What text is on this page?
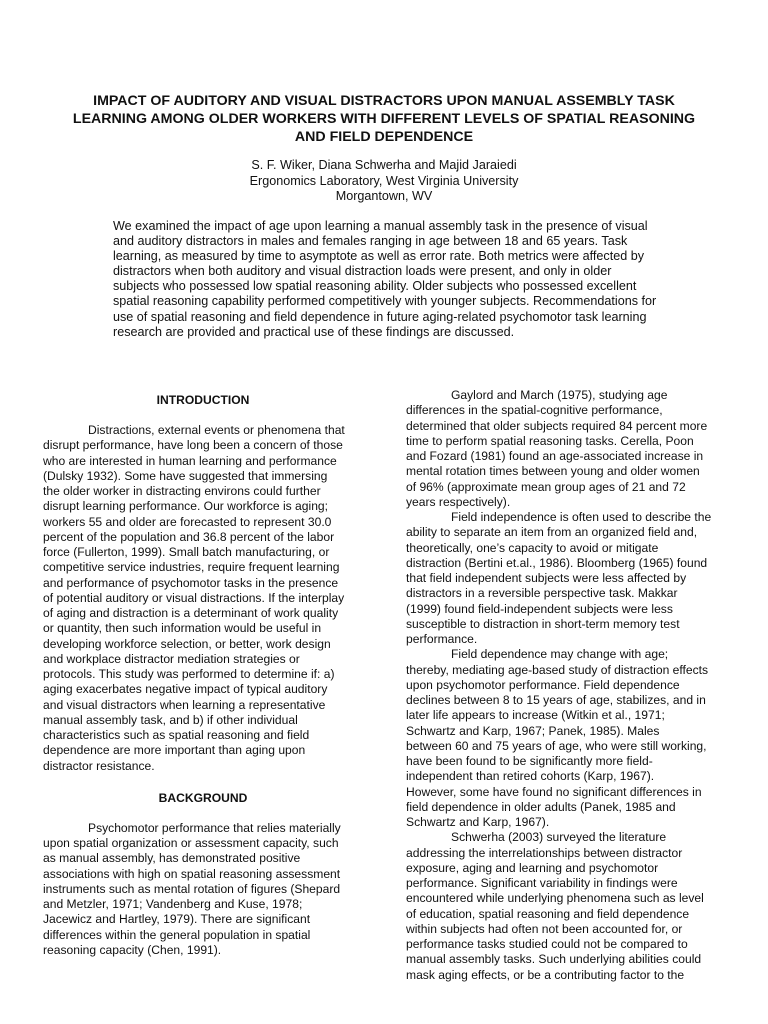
IMPACT OF AUDITORY AND VISUAL DISTRACTORS UPON MANUAL ASSEMBLY TASK
LEARNING AMONG OLDER WORKERS WITH DIFFERENT LEVELS OF SPATIAL REASONING
AND FIELD DEPENDENCE
S. F. Wiker, Diana Schwerha and Majid Jaraiedi
Ergonomics Laboratory, West Virginia University
Morgantown, WV
We examined the impact of age upon learning a manual assembly task in the presence of visual
and auditory distractors in males and females ranging in age between 18 and 65 years. Task
learning, as measured by time to asymptote as well as error rate. Both metrics were affected by
distractors when both auditory and visual distraction loads were present, and only in older
subjects who possessed low spatial reasoning ability. Older subjects who possessed excellent
spatial reasoning capability performed competitively with younger subjects. Recommendations for
use of spatial reasoning and field dependence in future aging-related psychomotor task learning
research are provided and practical use of these findings are discussed.
INTRODUCTION
Distractions, external events or phenomena that
disrupt performance, have long been a concern of those
who are interested in human learning and performance
(Dulsky 1932). Some have suggested that immersing
the older worker in distracting environs could further
disrupt learning performance. Our workforce is aging;
workers 55 and older are forecasted to represent 30.0
percent of the population and 36.8 percent of the labor
force (Fullerton, 1999). Small batch manufacturing, or
competitive service industries, require frequent learning
and performance of psychomotor tasks in the presence
of potential auditory or visual distractions. If the interplay
of aging and distraction is a determinant of work quality
or quantity, then such information would be useful in
developing workforce selection, or better, work design
and workplace distractor mediation strategies or
protocols. This study was performed to determine if: a)
aging exacerbates negative impact of typical auditory
and visual distractors when learning a representative
manual assembly task, and b) if other individual
characteristics such as spatial reasoning and field
dependence are more important than aging upon
distractor resistance.
BACKGROUND
Psychomotor performance that relies materially
upon spatial organization or assessment capacity, such
as manual assembly, has demonstrated positive
associations with high on spatial reasoning assessment
instruments such as mental rotation of figures (Shepard
and Metzler, 1971; Vandenberg and Kuse, 1978;
Jacewicz and Hartley, 1979). There are significant
differences within the general population in spatial
reasoning capacity (Chen, 1991).
Gaylord and March (1975), studying age
differences in the spatial-cognitive performance,
determined that older subjects required 84 percent more
time to perform spatial reasoning tasks. Cerella, Poon
and Fozard (1981) found an age-associated increase in
mental rotation times between young and older women
of 96% (approximate mean group ages of 21 and 72
years respectively).
Field independence is often used to describe the
ability to separate an item from an organized field and,
theoretically, one’s capacity to avoid or mitigate
distraction (Bertini et.al., 1986). Bloomberg (1965) found
that field independent subjects were less affected by
distractors in a reversible perspective task. Makkar
(1999) found field-independent subjects were less
susceptible to distraction in short-term memory test
performance.
Field dependence may change with age;
thereby, mediating age-based study of distraction effects
upon psychomotor performance. Field dependence
declines between 8 to 15 years of age, stabilizes, and in
later life appears to increase (Witkin et al., 1971;
Schwartz and Karp, 1967; Panek, 1985). Males
between 60 and 75 years of age, who were still working,
have been found to be significantly more field-
independent than retired cohorts (Karp, 1967).
However, some have found no significant differences in
field dependence in older adults (Panek, 1985 and
Schwartz and Karp, 1967).
Schwerha (2003) surveyed the literature
addressing the interrelationships between distractor
exposure, aging and learning and psychomotor
performance. Significant variability in findings were
encountered while underlying phenomena such as level
of education, spatial reasoning and field dependence
within subjects had often not been accounted for, or
performance tasks studied could not be compared to
manual assembly tasks. Such underlying abilities could
mask aging effects, or be a contributing factor to the
